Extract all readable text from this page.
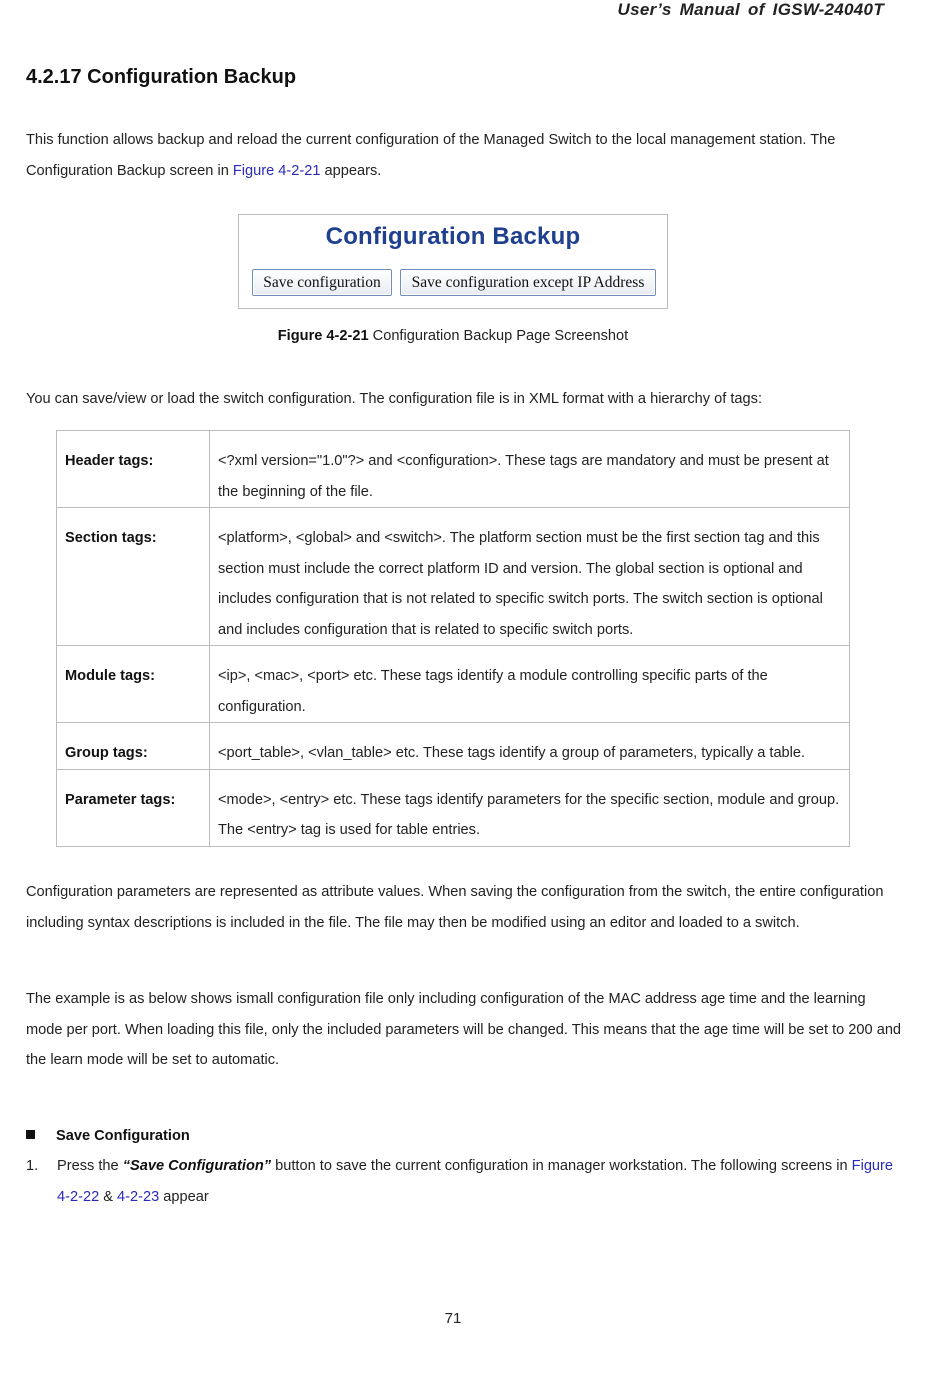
User’s Manual of IGSW-24040T
4.2.17 Configuration Backup

This function allows backup and reload the current configuration of the Managed Switch to the local management station. The Configuration Backup screen in Figure 4-2-21 appears.

Configuration Backup
Save configuration	Save configuration except IP Address
Figure 4-2-21 Configuration Backup Page Screenshot

You can save/view or load the switch configuration. The configuration file is in XML format with a hierarchy of tags:

Header tags:	<?xml version="1.0"?> and <configuration>. These tags are mandatory and must be present at the beginning of the file.
Section tags:	<platform>, <global> and <switch>. The platform section must be the first section tag and this section must include the correct platform ID and version. The global section is optional and includes configuration that is not related to specific switch ports. The switch section is optional and includes configuration that is related to specific switch ports.
Module tags:	<ip>, <mac>, <port> etc. These tags identify a module controlling specific parts of the configuration.
Group tags:	<port_table>, <vlan_table> etc. These tags identify a group of parameters, typically a table.
Parameter tags:	<mode>, <entry> etc. These tags identify parameters for the specific section, module and group. The <entry> tag is used for table entries.

Configuration parameters are represented as attribute values. When saving the configuration from the switch, the entire configuration including syntax descriptions is included in the file. The file may then be modified using an editor and loaded to a switch.

The example is as below shows ismall configuration file only including configuration of the MAC address age time and the learning mode per port. When loading this file, only the included parameters will be changed. This means that the age time will be set to 200 and the learn mode will be set to automatic.

Save Configuration
1. Press the “Save Configuration” button to save the current configuration in manager workstation. The following screens in Figure 4-2-22 & 4-2-23 appear
71
